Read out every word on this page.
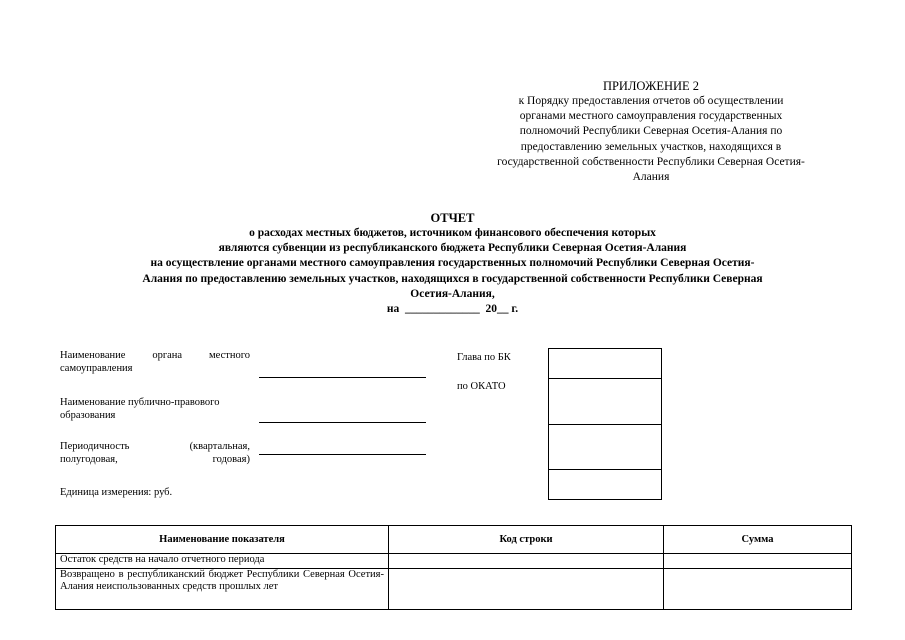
ПРИЛОЖЕНИЕ 2
к Порядку предоставления отчетов об осуществлении
органами местного самоуправления государственных
полномочий Республики Северная Осетия-Алания по
предоставлению земельных участков, находящихся в
государственной собственности Республики Северная Осетия-
Алания
ОТЧЕТ
о расходах местных бюджетов, источником финансового обеспечения которых
являются субвенции из республиканского бюджета Республики Северная Осетия-Алания
на осуществление органами местного самоуправления государственных полномочий Республики Северная Осетия-
Алания по предоставлению земельных участков, находящихся в государственной собственности Республики Северная
Осетия-Алания,
на  _____________  20__ г.
Наименование органа местного самоуправления
Наименование публично-правового образования
Периодичность (квартальная, полугодовая, годовая)
Единица измерения: руб.
Глава по БК
по ОКАТО
Наименование показателя	Код строки	Сумма
Остаток средств на начало отчетного периода		
Возвращено в республиканский бюджет Республики Северная Осетия-Алания неиспользованных средств прошлых лет		
